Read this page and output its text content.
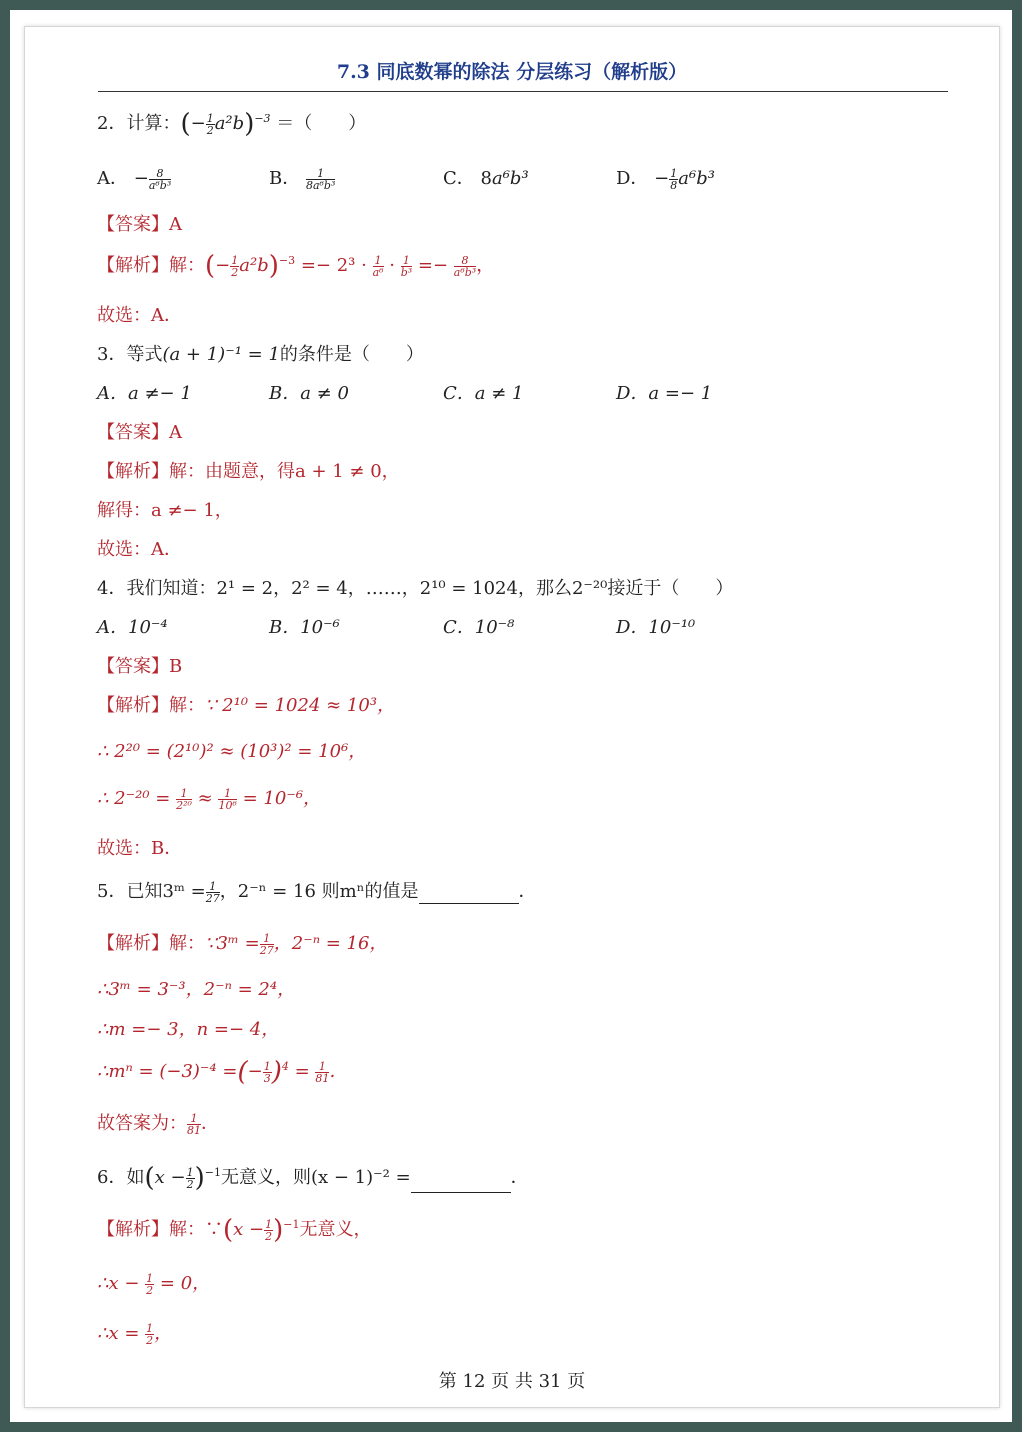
7.3 同底数幂的除法 分层练习（解析版）
2．计算：(− $\frac{1}{2} a^2b)^{-3}$ ＝（　　）
A． − $\frac{8}{\text{a⁶b³}}$	B． $\frac{1}{\text{8a⁶b³}}$	C． 8a⁶b³	D． − $\frac{1}{8} a^6b^3$
【答案】A
【解析】解：(− $\frac{1}{2} a^2b)^{-3} =- 2^3 \cdot \frac{1}{\text{a⁶}} \cdot \frac{1}{\text{b³}} =- \frac{8}{\text{a⁶b³}}$ ，
故选：A．
3．等式(a + 1)⁻¹ = 1的条件是（　　）
A．a ≠− 1	B．a ≠ 0	C．a ≠ 1	D．a =− 1
【答案】A
【解析】解：由题意，得a + 1 ≠ 0，
解得：a ≠− 1，
故选：A．
4．我们知道：2¹ = 2，2² = 4，……，2¹⁰ = 1024，那么2⁻²⁰接近于（　　）
A．10⁻⁴	B．10⁻⁶	C．10⁻⁸	D．10⁻¹⁰
【答案】B
【解析】解：∵ 2¹⁰ = 1024 ≈ 10³，
∴ 2²⁰ = (2¹⁰)² ≈ (10³)² = 10⁶，
∴ $2^{-20} = \frac{1}{\text{2²⁰}} \approx \frac{1}{\text{10⁶}} = 10^{-6}$，
故选：B．
5．已知3ᵐ = $\frac{1}{27}$ ，2⁻ⁿ = 16 则mⁿ的值是	．
【解析】解：∵3ᵐ = $\frac{1}{27}$ ，2⁻ⁿ = 16，
∴3ᵐ = 3⁻³，2⁻ⁿ = 2⁴，
∴m =− 3，n =− 4，
∴mⁿ = (−3)⁻⁴ =(− $\frac{1}{3} )^4 = \frac{1}{81}$ ．
故答案为： $\frac{1}{81}$ ．
6．如$(x - \frac{1}{2} )^{-1}$无意义，则(x − 1)⁻² =	．
【解析】解：∵(x − $\frac{1}{2} )^{-1}$无意义，
∴x − $\frac{1}{2} = 0$，
∴x = $\frac{1}{2}$ ，
第 12 页 共 31 页
